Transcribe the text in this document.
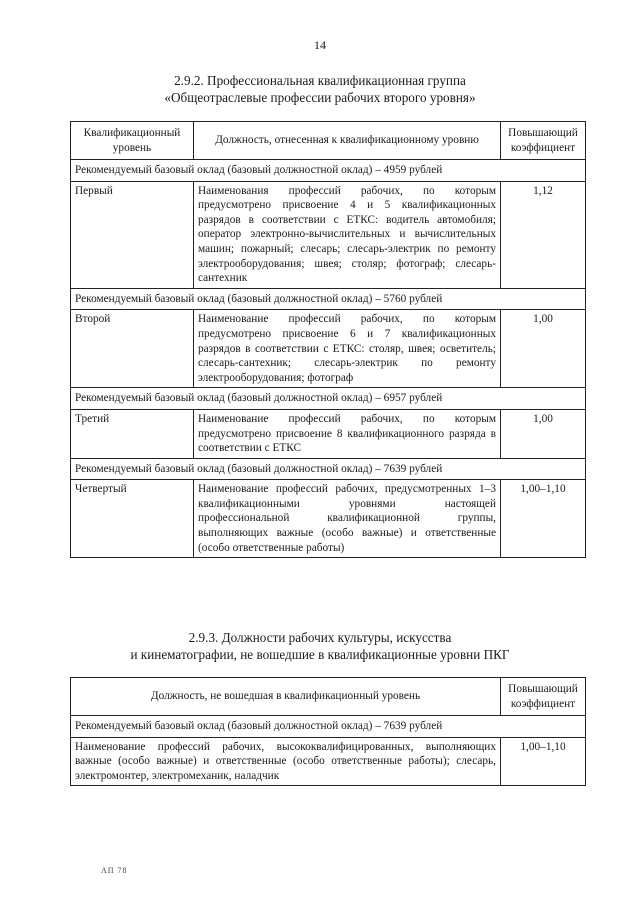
14
2.9.2. Профессиональная квалификационная группа
«Общеотраслевые профессии рабочих второго уровня»
Квалификационный уровень	Должность, отнесенная к квалификационному уровню	Повышающий коэффициент
Рекомендуемый базовый оклад (базовый должностной оклад) – 4959 рублей		
Первый	Наименования профессий рабочих, по которым предусмотрено присвоение 4 и 5 квалификационных разрядов в соответствии с ЕТКС: водитель автомобиля; оператор электронно-вычислительных и вычислительных машин; пожарный; слесарь; слесарь-электрик по ремонту электрооборудования; швея; столяр; фотограф; слесарь-сантехник	1,12
Рекомендуемый базовый оклад (базовый должностной оклад) – 5760 рублей		
Второй	Наименование профессий рабочих, по которым предусмотрено присвоение 6 и 7 квалификационных разрядов в соответствии с ЕТКС: столяр, швея; осветитель; слесарь-сантехник; слесарь-электрик по ремонту электрооборудования; фотограф	1,00
Рекомендуемый базовый оклад (базовый должностной оклад) – 6957 рублей		
Третий	Наименование профессий рабочих, по которым предусмотрено присвоение 8 квалификационного разряда в соответствии с ЕТКС	1,00
Рекомендуемый базовый оклад (базовый должностной оклад) – 7639 рублей		
Четвертый	Наименование профессий рабочих, предусмотренных 1–3 квалификационными уровнями настоящей профессиональной квалификационной группы, выполняющих важные (особо важные) и ответственные (особо ответственные работы)	1,00–1,10
2.9.3. Должности рабочих культуры, искусства
и кинематографии, не вошедшие в квалификационные уровни ПКГ
Должность, не вошедшая в квалификационный уровень	Повышающий коэффициент
Рекомендуемый базовый оклад (базовый должностной оклад) – 7639 рублей	
Наименование профессий рабочих, высококвалифицированных, выполняющих важные (особо важные) и ответственные (особо ответственные работы); слесарь, электромонтер, электромеханик, наладчик	1,00–1,10
АП 78
